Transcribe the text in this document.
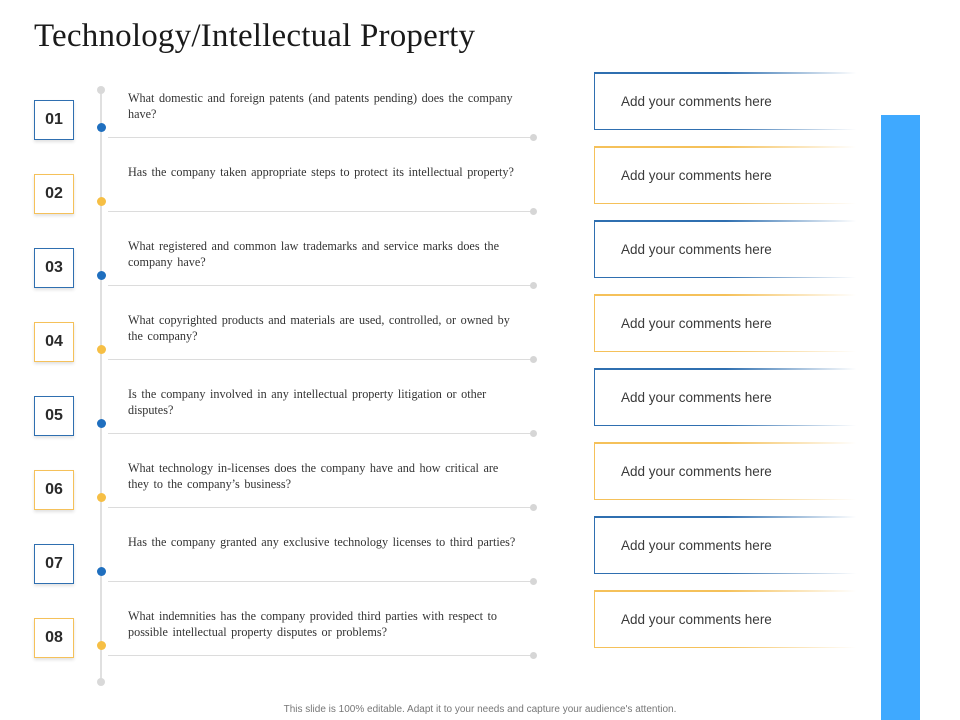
Technology/Intellectual Property
01
What domestic and foreign patents (and patents pending) does the company have?
Add your comments here
02
Has the company taken appropriate steps to protect its intellectual property?	Add your comments here
03
What registered and common law trademarks and service marks does the company have?
Add your comments here
04
What copyrighted products and materials are used, controlled, or owned by the company?
Add your comments here
05
Is the company involved in any intellectual property litigation or other disputes?
Add your comments here
06
What technology in-licenses does the company have and how critical are they to the company’s business?
Add your comments here
07
Has the company granted any exclusive technology licenses to third parties?	Add your comments here
08
What indemnities has the company provided third parties with respect to possible intellectual property disputes or problems?
Add your comments here
This slide is 100% editable. Adapt it to your needs and capture your audience's attention.
